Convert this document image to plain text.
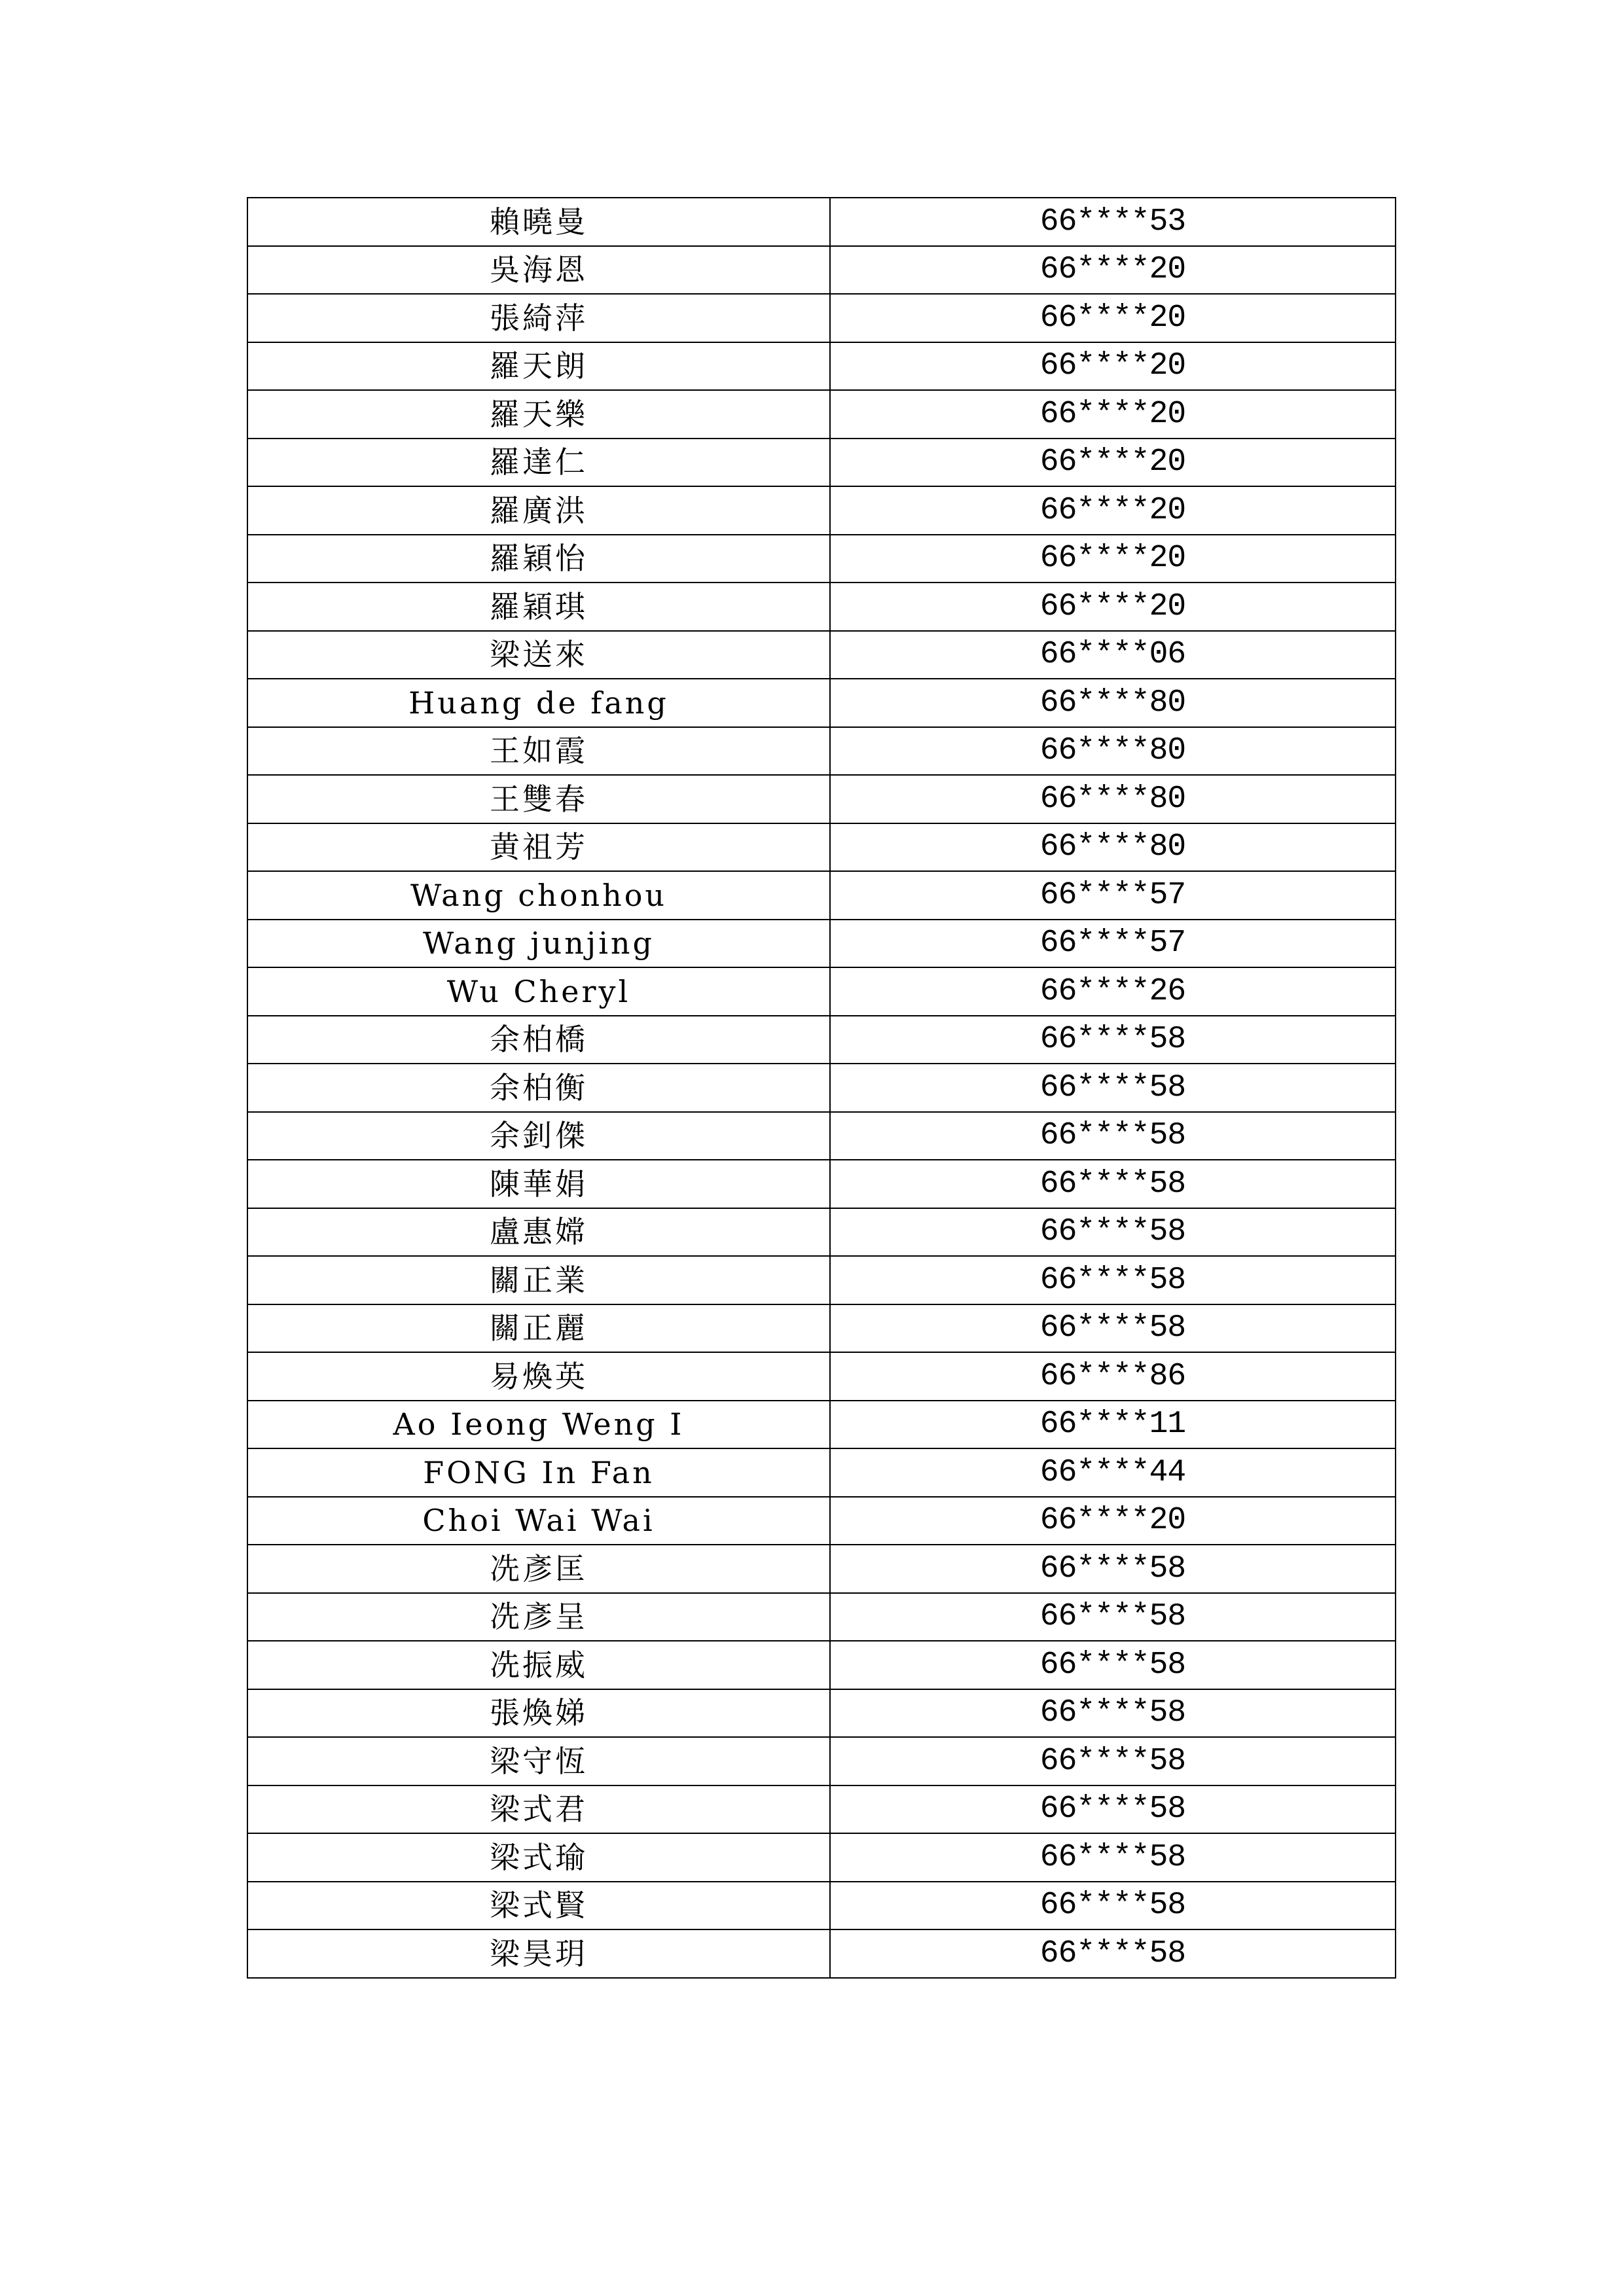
賴曉曼	66****53
吳海恩	66****20
張綺萍	66****20
羅天朗	66****20
羅天樂	66****20
羅達仁	66****20
羅廣洪	66****20
羅穎怡	66****20
羅穎琪	66****20
梁送來	66****06
Huang de fang	66****80
王如霞	66****80
王雙春	66****80
黄祖芳	66****80
Wang chonhou	66****57
Wang junjing	66****57
Wu Cheryl	66****26
余柏橋	66****58
余柏衡	66****58
余釗傑	66****58
陳華娟	66****58
盧惠嫦	66****58
關正業	66****58
關正麗	66****58
易煥英	66****86
Ao Ieong Weng I	66****11
FONG In Fan	66****44
Choi Wai Wai	66****20
冼彥匡	66****58
冼彥呈	66****58
冼振威	66****58
張煥娣	66****58
梁守恆	66****58
梁式君	66****58
梁式瑜	66****58
梁式賢	66****58
梁昊玥	66****58
